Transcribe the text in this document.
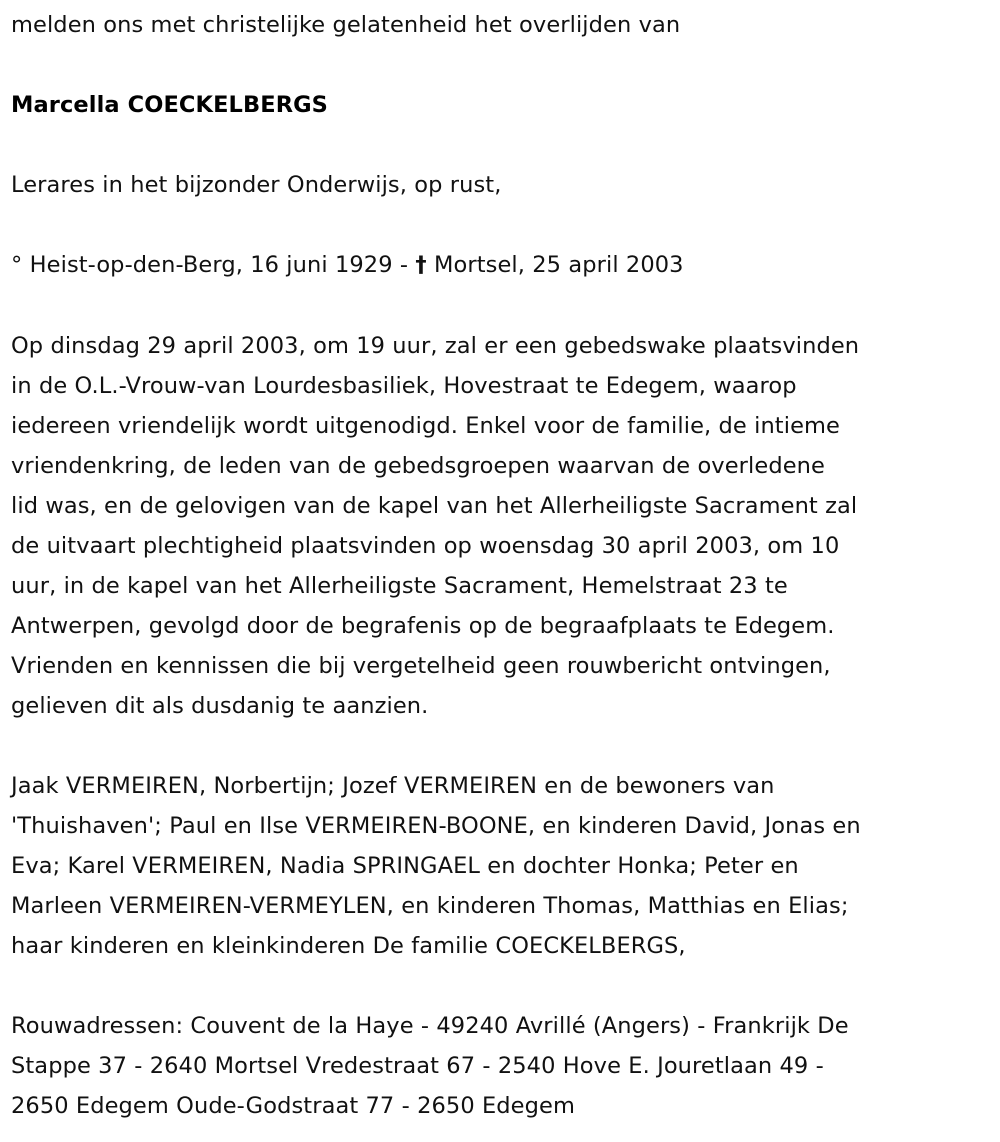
melden ons met christelijke gelatenheid het overlijden van
Marcella COECKELBERGS
Lerares in het bijzonder Onderwijs, op rust,
° Heist-op-den-Berg, 16 juni 1929 - † Mortsel, 25 april 2003
Op dinsdag 29 april 2003, om 19 uur, zal er een gebedswake plaatsvinden
in de O.L.-Vrouw-van Lourdesbasiliek, Hovestraat te Edegem, waarop
iedereen vriendelijk wordt uitgenodigd. Enkel voor de familie, de intieme
vriendenkring, de leden van de gebedsgroepen waarvan de overledene
lid was, en de gelovigen van de kapel van het Allerheiligste Sacrament zal
de uitvaart plechtigheid plaatsvinden op woensdag 30 april 2003, om 10
uur, in de kapel van het Allerheiligste Sacrament, Hemelstraat 23 te
Antwerpen, gevolgd door de begrafenis op de begraafplaats te Edegem.
Vrienden en kennissen die bij vergetelheid geen rouwbericht ontvingen,
gelieven dit als dusdanig te aanzien.
Jaak VERMEIREN, Norbertijn; Jozef VERMEIREN en de bewoners van
'Thuishaven'; Paul en Ilse VERMEIREN-BOONE, en kinderen David, Jonas en
Eva; Karel VERMEIREN, Nadia SPRINGAEL en dochter Honka; Peter en
Marleen VERMEIREN-VERMEYLEN, en kinderen Thomas, Matthias en Elias;
haar kinderen en kleinkinderen De familie COECKELBERGS,
Rouwadressen: Couvent de la Haye - 49240 Avrillé (Angers) - Frankrijk De
Stappe 37 - 2640 Mortsel Vredestraat 67 - 2540 Hove E. Jouretlaan 49 -
2650 Edegem Oude-Godstraat 77 - 2650 Edegem
